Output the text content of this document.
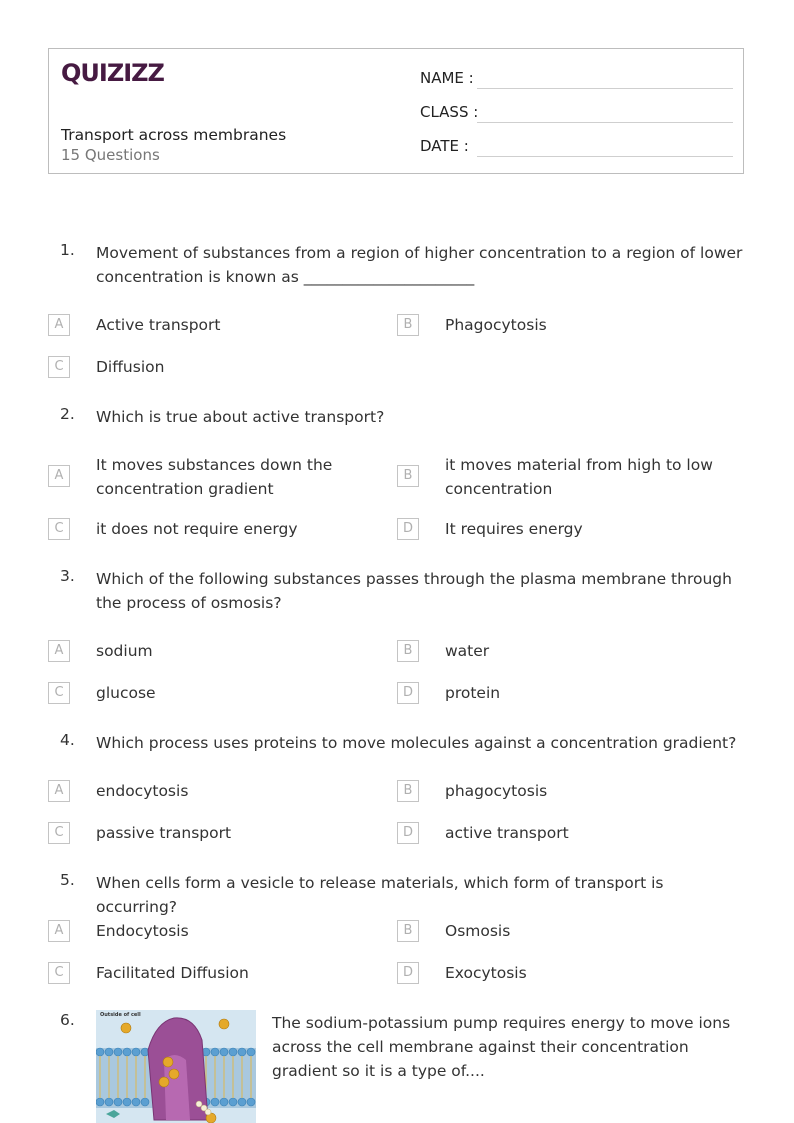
QUIZIZZ
Transport across membranes
15 Questions
NAME :
CLASS :
DATE :
1. Movement of substances from a region of higher concentration to a region of lower concentration is known as ______________________
A	Active transport	B	Phagocytosis
C	Diffusion
2. Which is true about active transport?
A
It moves substances down the concentration gradient
B
it moves material from high to low concentration
C	it does not require energy	D	It requires energy
3. Which of the following substances passes through the plasma membrane through the process of osmosis?
A	sodium	B	water
C	glucose	D	protein
4. Which process uses proteins to move molecules against a concentration gradient?
A	endocytosis	B	phagocytosis
C	passive transport	D	active transport
5. When cells form a vesicle to release materials, which form of transport is occurring?
A	Endocytosis	B	Osmosis
C	Facilitated Diffusion	D	Exocytosis
6.	The sodium-potassium pump requires energy to move ions across the cell membrane against their concentration gradient so it is a type of....
Outside of cell
